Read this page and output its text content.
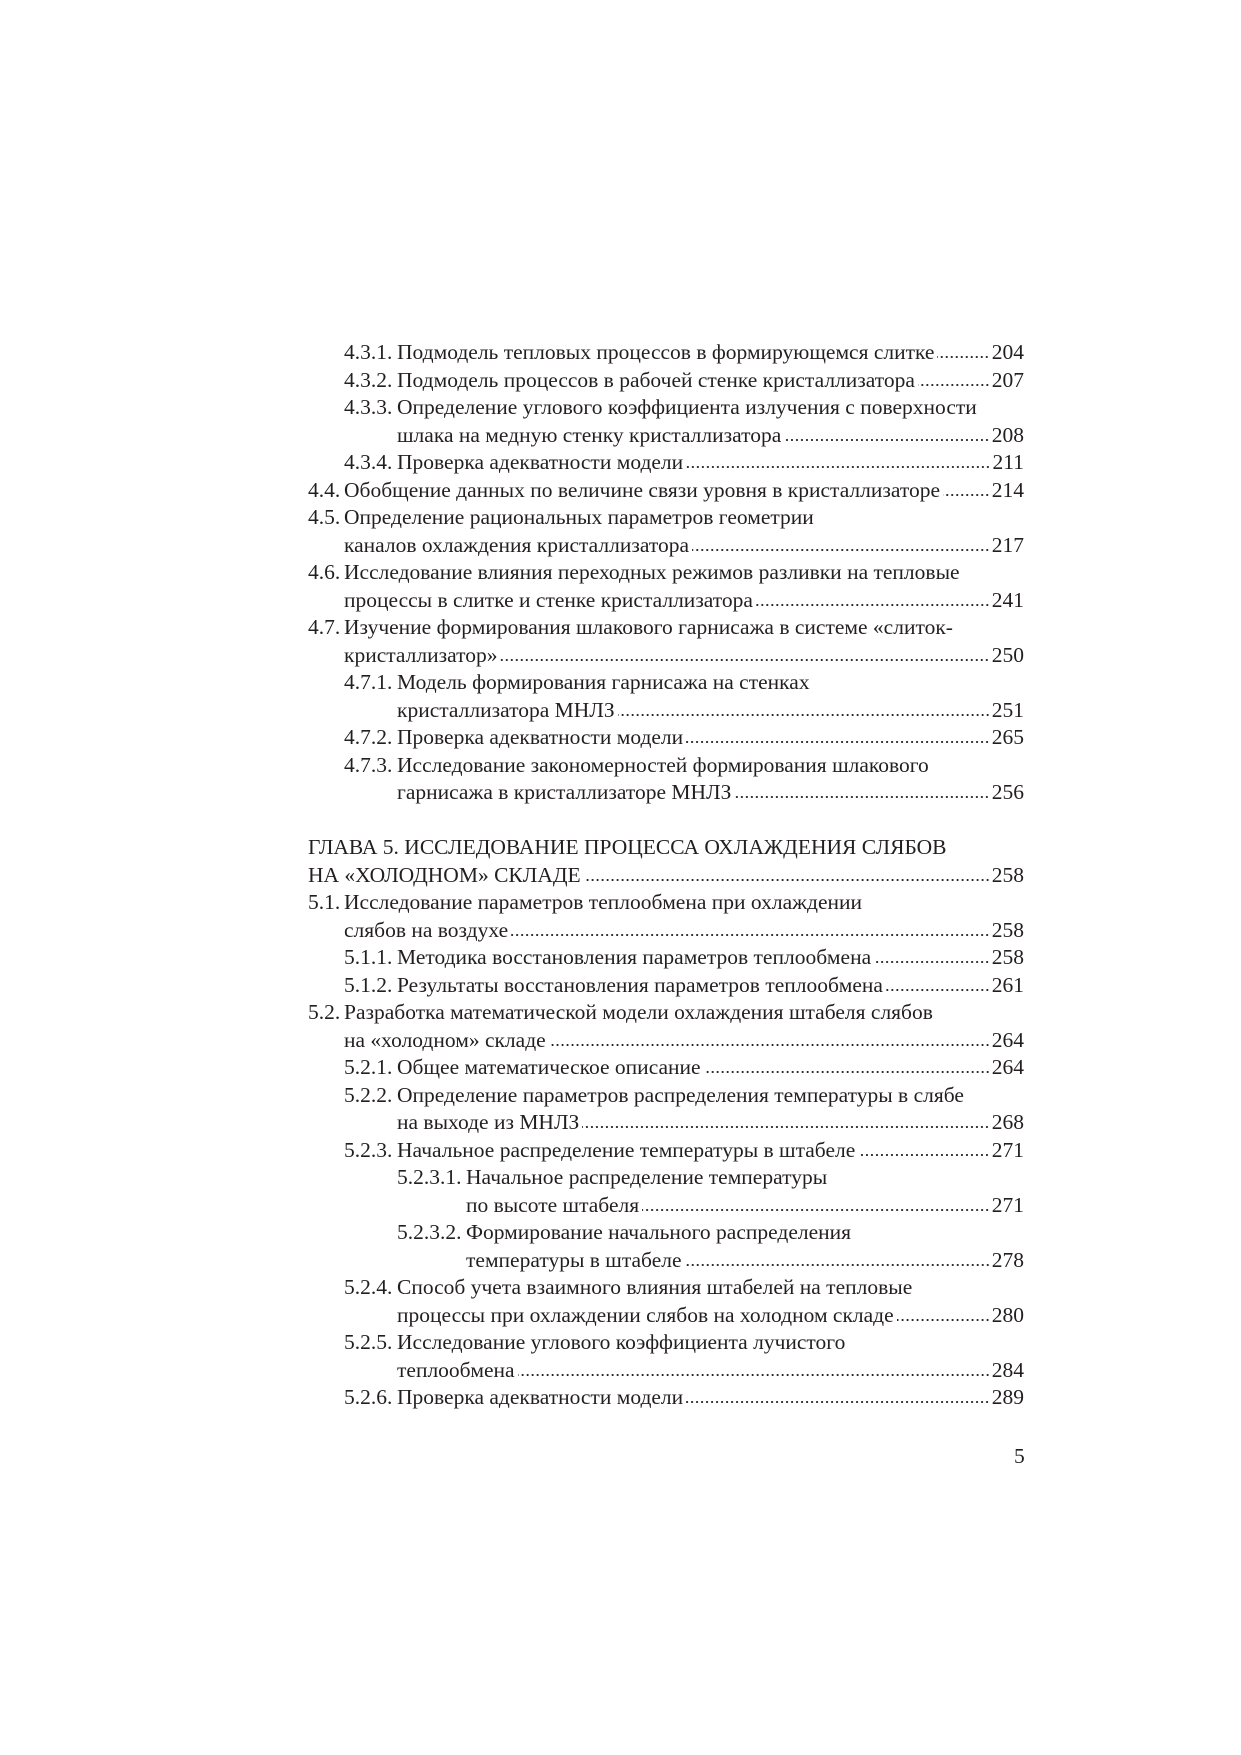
4.3.1. Подмодель тепловых процессов в формирующемся слитке	204
4.3.2. Подмодель процессов в рабочей стенке кристаллизатора	207
4.3.3. Определение углового коэффициента излучения с поверхности
шлака на медную стенку кристаллизатора	208
4.3.4. Проверка адекватности модели	211
4.4. Обобщение данных по величине связи уровня в кристаллизаторе 214
4.5. Определение рациональных параметров геометрии
каналов охлаждения кристаллизатора	217
4.6. Исследование влияния переходных режимов разливки на тепловые
процессы в слитке и стенке кристаллизатора	241
4.7. Изучение формирования шлакового гарнисажа в системе «слиток-
кристаллизатор»	250
4.7.1. Модель формирования гарнисажа на стенках
кристаллизатора МНЛЗ	251
4.7.2. Проверка адекватности модели	265
4.7.3. Исследование закономерностей формирования шлакового
гарнисажа в кристаллизаторе МНЛЗ	256
ГЛАВА 5. ИССЛЕДОВАНИЕ ПРОЦЕССА ОХЛАЖДЕНИЯ СЛЯБОВ
НА «ХОЛОДНОМ» СКЛАДЕ	258
5.1. Исследование параметров теплообмена при охлаждении
слябов на воздухе	258
5.1.1. Методика восстановления параметров теплообмена	258
5.1.2. Результаты восстановления параметров теплообмена	261
5.2. Разработка математической модели охлаждения штабеля слябов
на «холодном» складе	264
5.2.1. Общее математическое описание	264
5.2.2. Определение параметров распределения температуры в слябе
на выходе из МНЛЗ	268
5.2.3. Начальное распределение температуры в штабеле	271
5.2.3.1. Начальное распределение температуры
по высоте штабеля	271
5.2.3.2. Формирование начального распределения
температуры в штабеле	278
5.2.4. Способ учета взаимного влияния штабелей на тепловые
процессы при охлаждении слябов на холодном складе	280
5.2.5. Исследование углового коэффициента лучистого
теплообмена	284
5.2.6. Проверка адекватности модели	289
5
